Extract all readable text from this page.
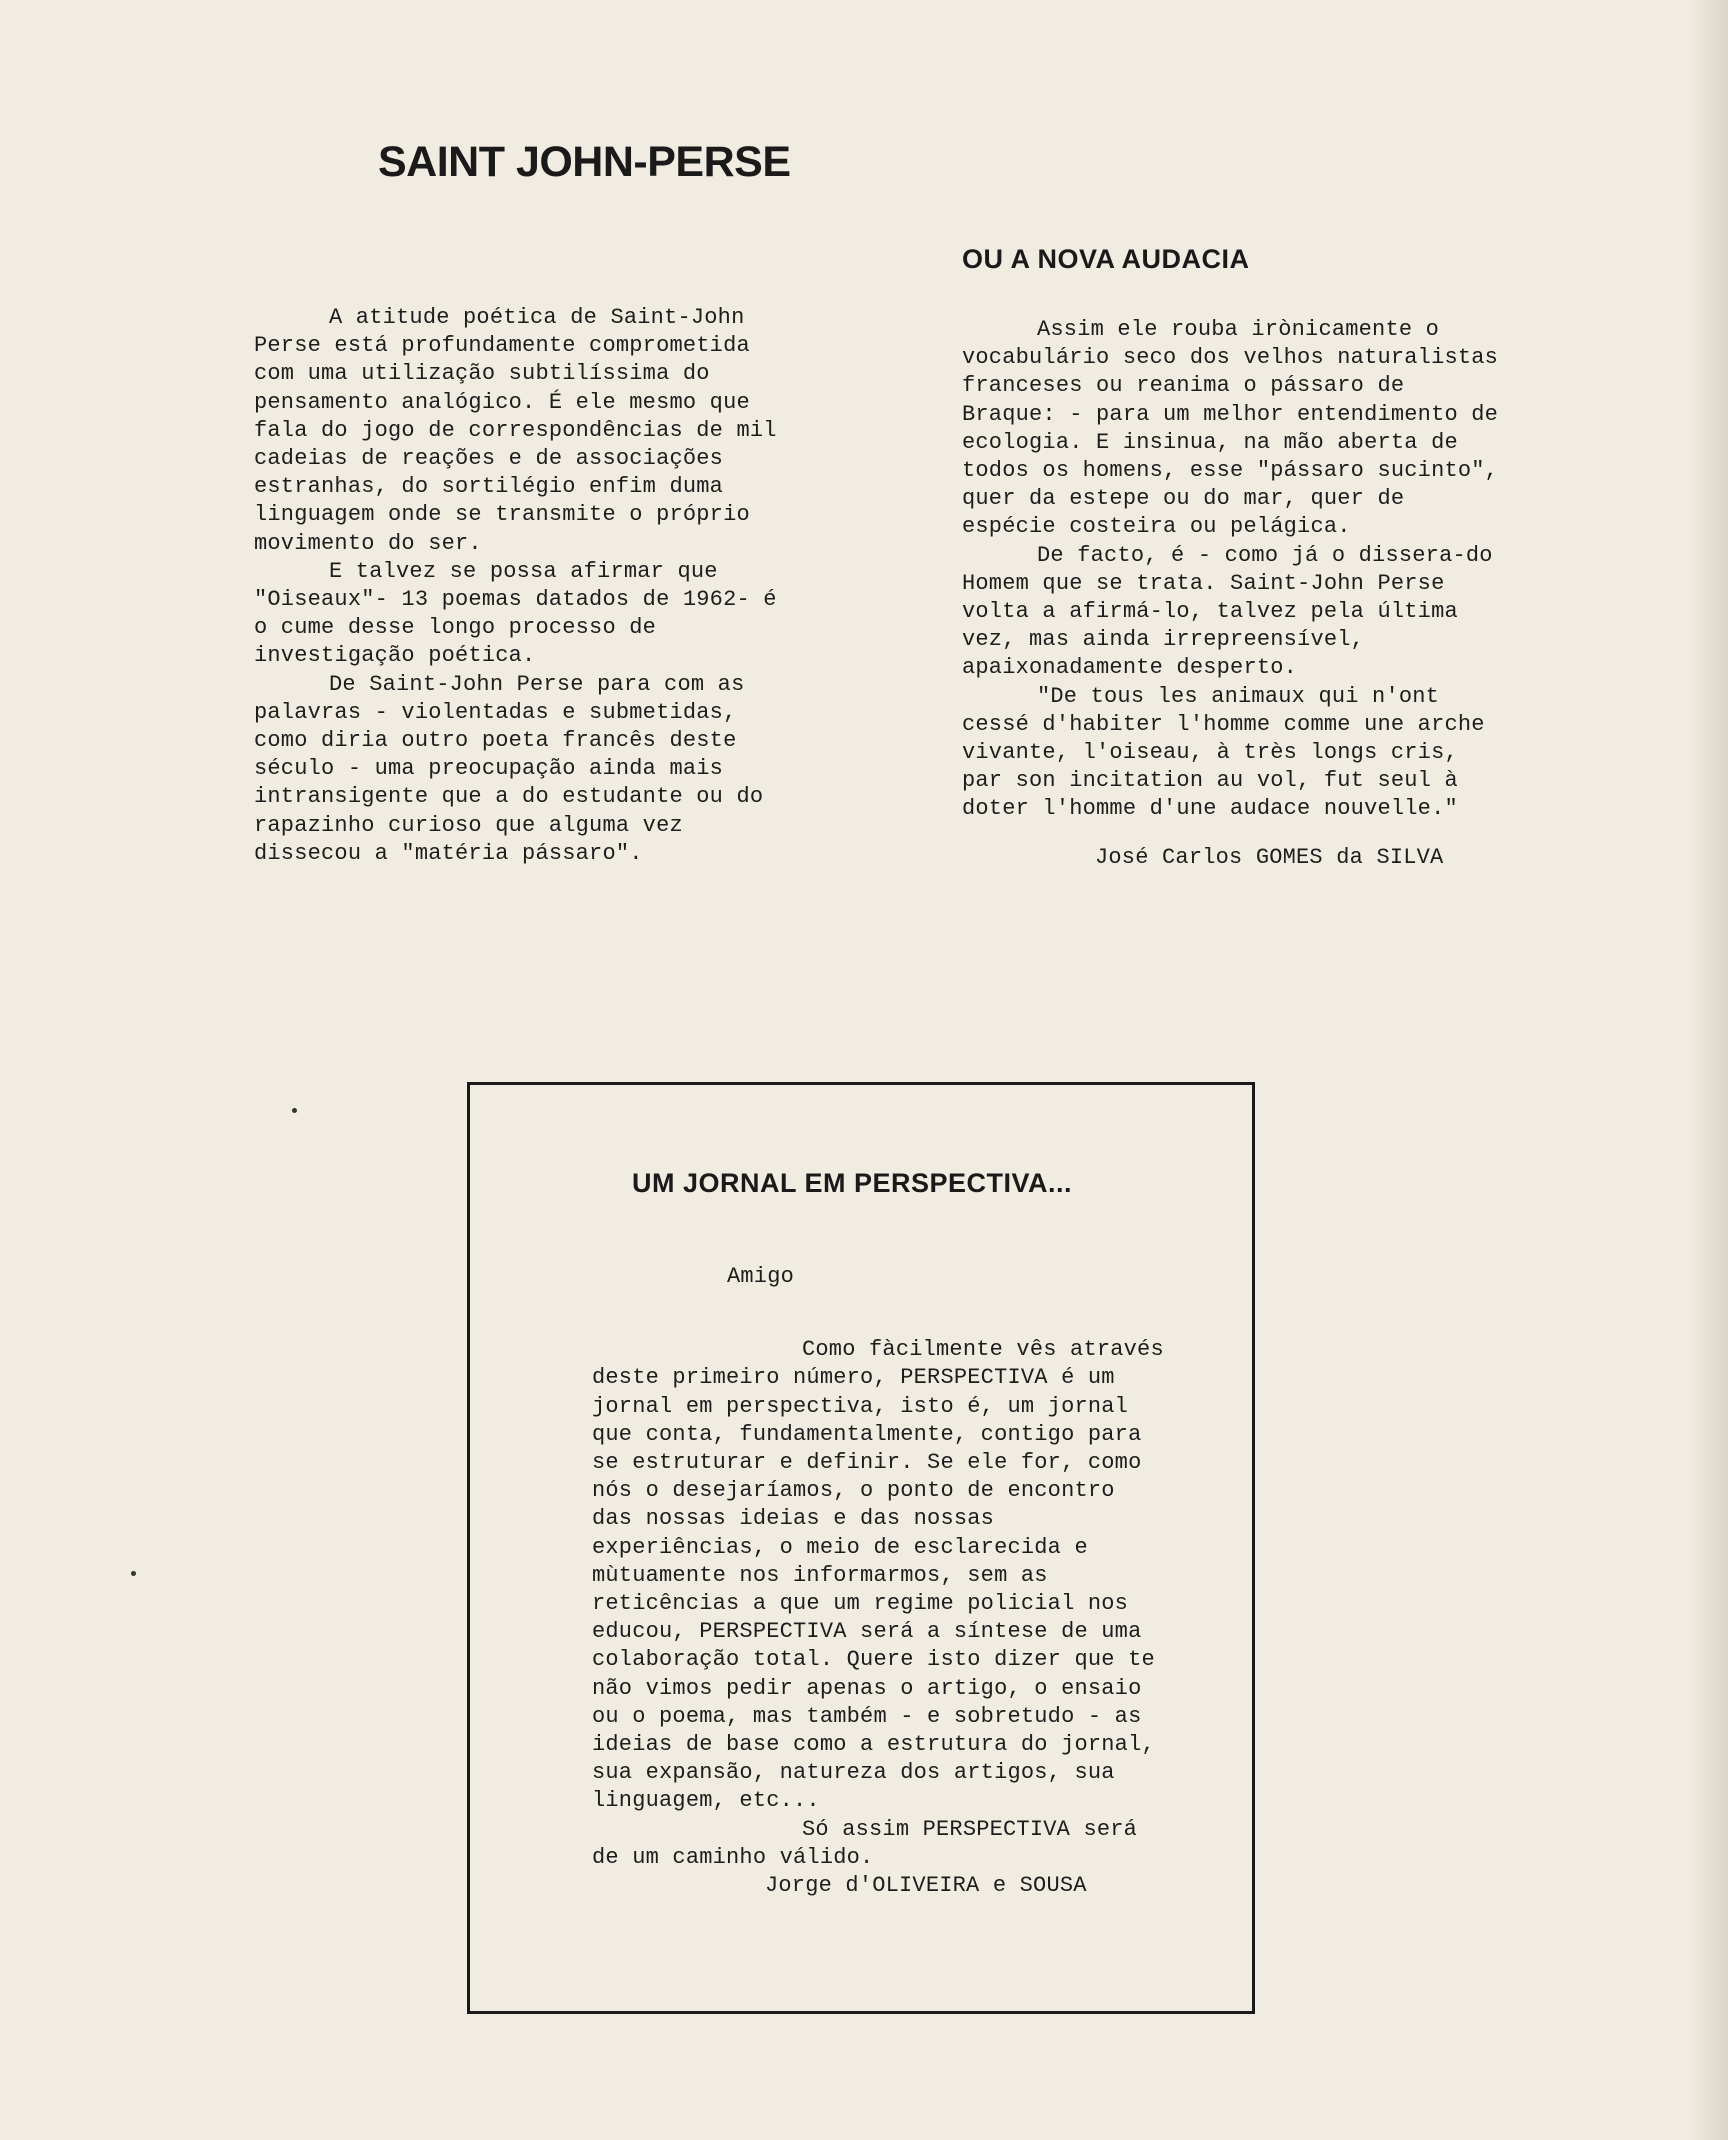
SAINT JOHN-PERSE

A atitude poética de Saint-John Perse está profundamente comprometida com uma utilização subtilíssima do pensamento analógico. É ele mesmo que fala do jogo de correspondências de mil cadeias de reações e de associações estranhas, do sortilégio enfim duma linguagem onde se transmite o próprio movimento do ser.

E talvez se possa afirmar que "Oiseaux"- 13 poemas datados de 1962- é o cume desse longo processo de investigação poética.

De Saint-John Perse para com as palavras - violentadas e submetidas, como diria outro poeta francês deste século - uma preocupação ainda mais intransigente que a do estudante ou do rapazinho curioso que alguma vez dissecou a "matéria pássaro".

OU A NOVA AUDACIA

Assim ele rouba irònicamente o vocabulário seco dos velhos naturalistas franceses ou reanima o pássaro de Braque: - para um melhor entendimento de ecologia. E insinua, na mão aberta de todos os homens, esse "pássaro sucinto", quer da estepe ou do mar, quer de espécie costeira ou pelágica.

De facto, é - como já o dissera-do Homem que se trata. Saint-John Perse volta a afirmá-lo, talvez pela última vez, mas ainda irrepreensível, apaixonadamente desperto.

"De tous les animaux qui n'ont cessé d'habiter l'homme comme une arche vivante, l'oiseau, à très longs cris, par son incitation au vol, fut seul à doter l'homme d'une audace nouvelle."

José Carlos GOMES da SILVA

UM JORNAL EM PERSPECTIVA...

Amigo

Como fàcilmente vês através deste primeiro número, PERSPECTIVA é um jornal em perspectiva, isto é, um jornal que conta, fundamentalmente, contigo para se estruturar e definir. Se ele for, como nós o desejaríamos, o ponto de encontro das nossas ideias e das nossas experiências, o meio de esclarecida e mùtuamente nos informarmos, sem as reticências a que um regime policial nos educou, PERSPECTIVA será a síntese de uma colaboração total. Quere isto dizer que te não vimos pedir apenas o artigo, o ensaio ou o poema, mas também - e sobretudo - as ideias de base como a estrutura do jornal, sua expansão, natureza dos artigos, sua linguagem, etc...

Só assim PERSPECTIVA será de um caminho válido.

Jorge d'OLIVEIRA e SOUSA
